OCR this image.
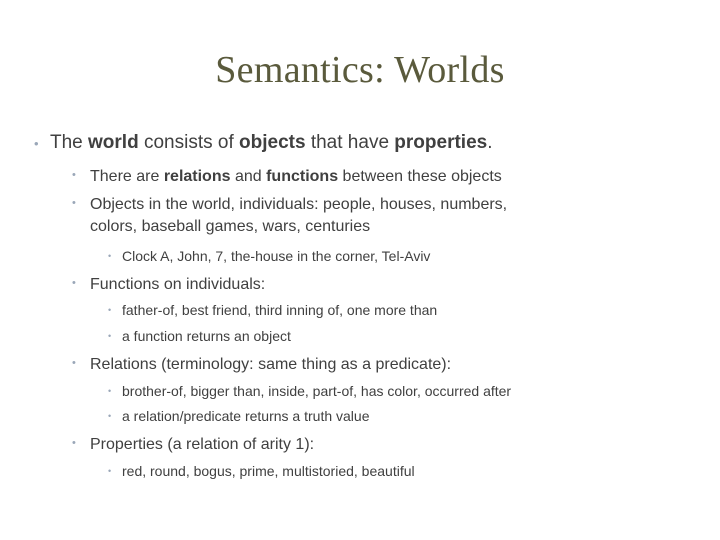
Semantics: Worlds
• The world consists of objects that have properties.
• There are relations and functions between these objects
• Objects in the world, individuals: people, houses, numbers,
colors, baseball games, wars, centuries
• Clock A, John, 7, the-house in the corner, Tel-Aviv
• Functions on individuals:
• father-of, best friend, third inning of, one more than
• a function returns an object
• Relations (terminology: same thing as a predicate):
• brother-of, bigger than, inside, part-of, has color, occurred after
• a relation/predicate returns a truth value
• Properties (a relation of arity 1):
• red, round, bogus, prime, multistoried, beautiful
